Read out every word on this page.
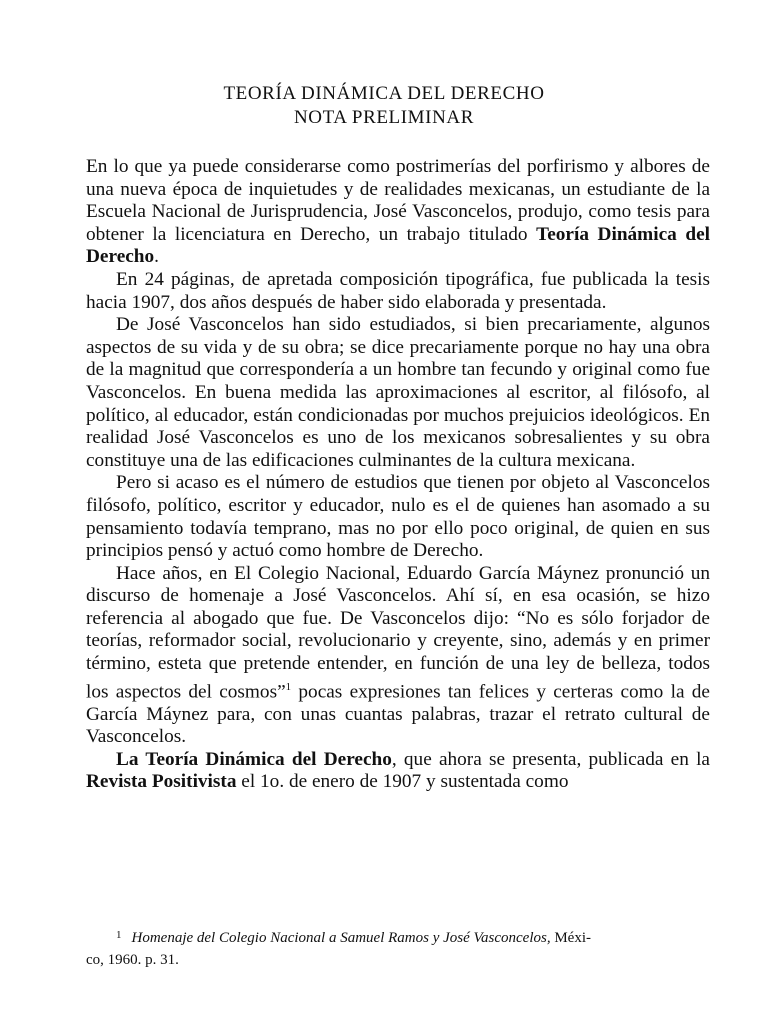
TEORÍA DINÁMICA DEL DERECHO
NOTA PRELIMINAR

En lo que ya puede considerarse como postrimerías del porfirismo y albores de una nueva época de inquietudes y de realidades mexicanas, un estudiante de la Escuela Nacional de Jurisprudencia, José Vasconcelos, produjo, como tesis para obtener la licenciatura en Derecho, un trabajo titulado Teoría Dinámica del Derecho.

En 24 páginas, de apretada composición tipográfica, fue publicada la tesis hacia 1907, dos años después de haber sido elaborada y presentada.

De José Vasconcelos han sido estudiados, si bien precariamente, algunos aspectos de su vida y de su obra; se dice precariamente porque no hay una obra de la magnitud que correspondería a un hombre tan fecundo y original como fue Vasconcelos. En buena medida las aproximaciones al escritor, al filósofo, al político, al educador, están condicionadas por muchos prejuicios ideológicos. En realidad José Vasconcelos es uno de los mexicanos sobresalientes y su obra constituye una de las edificaciones culminantes de la cultura mexicana.

Pero si acaso es el número de estudios que tienen por objeto al Vasconcelos filósofo, político, escritor y educador, nulo es el de quienes han asomado a su pensamiento todavía temprano, mas no por ello poco original, de quien en sus principios pensó y actuó como hombre de Derecho.

Hace años, en El Colegio Nacional, Eduardo García Máynez pronunció un discurso de homenaje a José Vasconcelos. Ahí sí, en esa ocasión, se hizo referencia al abogado que fue. De Vasconcelos dijo: “No es sólo forjador de teorías, reformador social, revolucionario y creyente, sino, además y en primer término, esteta que pretende entender, en función de una ley de belleza, todos los aspectos del cosmos”$^1$ pocas expresiones tan felices y certeras como la de García Máynez para, con unas cuantas palabras, trazar el retrato cultural de Vasconcelos.

La Teoría Dinámica del Derecho, que ahora se presenta, publicada en la Revista Positivista el 1o. de enero de 1907 y sustentada como

$^1$ Homenaje del Colegio Nacional a Samuel Ramos y José Vasconcelos, Méxi-
co, 1960. p. 31.
